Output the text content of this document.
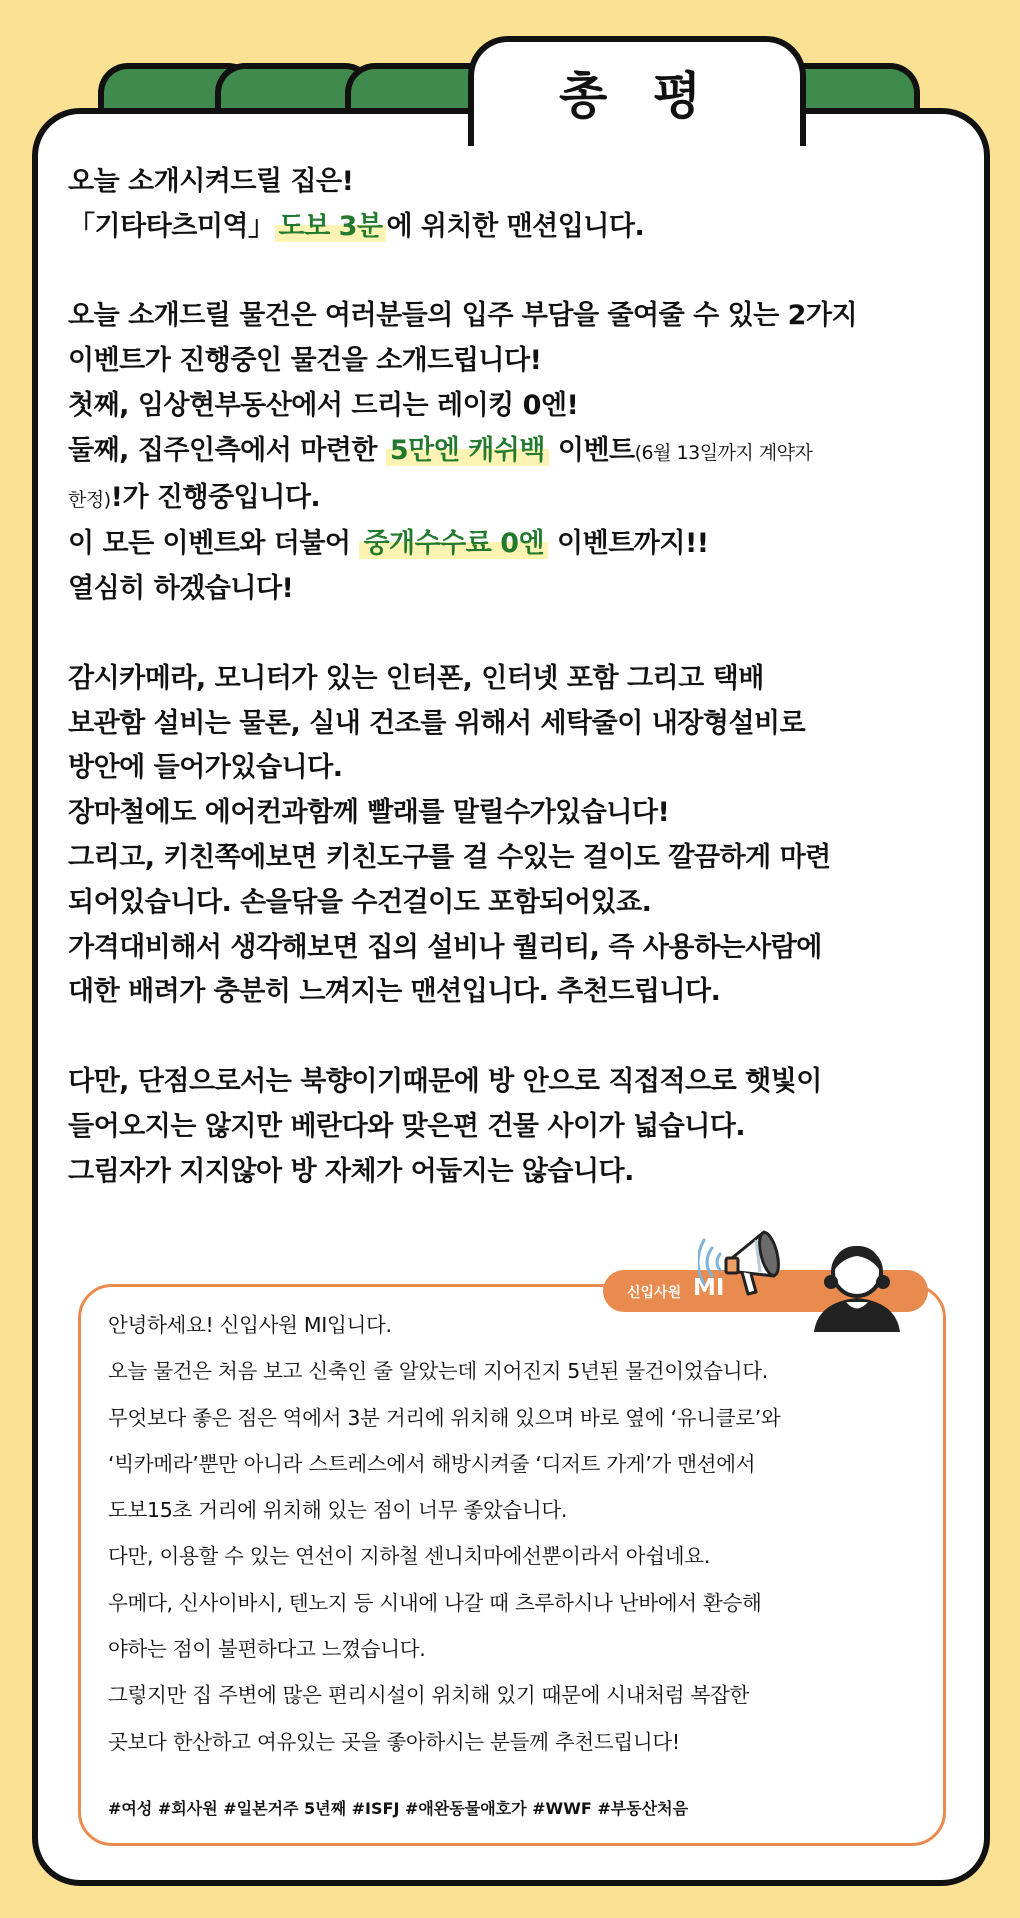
총 평

오늘 소개시켜드릴 집은!

「기타타츠미역」 도보 3분 에 위치한 맨션입니다.

오늘 소개드릴 물건은 여러분들의 입주 부담을 줄여줄 수 있는 2가지

이벤트가 진행중인 물건을 소개드립니다!

첫째, 임상현부동산에서 드리는 레이킹 0엔!

둘째, 집주인측에서 마련한 5만엔 캐쉬백 이벤트(6월 13일까지 계약자

한정)!가 진행중입니다.

이 모든 이벤트와 더불어 중개수수료 0엔 이벤트까지!!

열심히 하겠습니다!

감시카메라, 모니터가 있는 인터폰, 인터넷 포함 그리고 택배

보관함 설비는 물론, 실내 건조를 위해서 세탁줄이 내장형설비로

방안에 들어가있습니다.

장마철에도 에어컨과함께 빨래를 말릴수가있습니다!

그리고, 키친쪽에보면 키친도구를 걸 수있는 걸이도 깔끔하게 마련

되어있습니다. 손을닦을 수건걸이도 포함되어있죠.

가격대비해서 생각해보면 집의 설비나 퀄리티, 즉 사용하는사람에

대한 배려가 충분히 느껴지는 맨션입니다. 추천드립니다.

다만, 단점으로서는 북향이기때문에 방 안으로 직접적으로 햇빛이

들어오지는 않지만 베란다와 맞은편 건물 사이가 넓습니다.

그림자가 지지않아 방 자체가 어둡지는 않습니다.

신입사원 MI

안녕하세요! 신입사원 MI입니다.

오늘 물건은 처음 보고 신축인 줄 알았는데 지어진지 5년된 물건이었습니다.

무엇보다 좋은 점은 역에서 3분 거리에 위치해 있으며 바로 옆에 ‘유니클로’와

‘빅카메라’뿐만 아니라 스트레스에서 해방시켜줄 ‘디저트 가게’가 맨션에서

도보15초 거리에 위치해 있는 점이 너무 좋았습니다.

다만, 이용할 수 있는 연선이 지하철 센니치마에선뿐이라서 아쉽네요.

우메다, 신사이바시, 텐노지 등 시내에 나갈 때 츠루하시나 난바에서 환승해

야하는 점이 불편하다고 느꼈습니다.

그렇지만 집 주변에 많은 편리시설이 위치해 있기 때문에 시내처럼 복잡한

곳보다 한산하고 여유있는 곳을 좋아하시는 분들께 추천드립니다!

#여성 #회사원 #일본거주 5년째 #ISFJ #애완동물애호가 #WWF #부동산처음
